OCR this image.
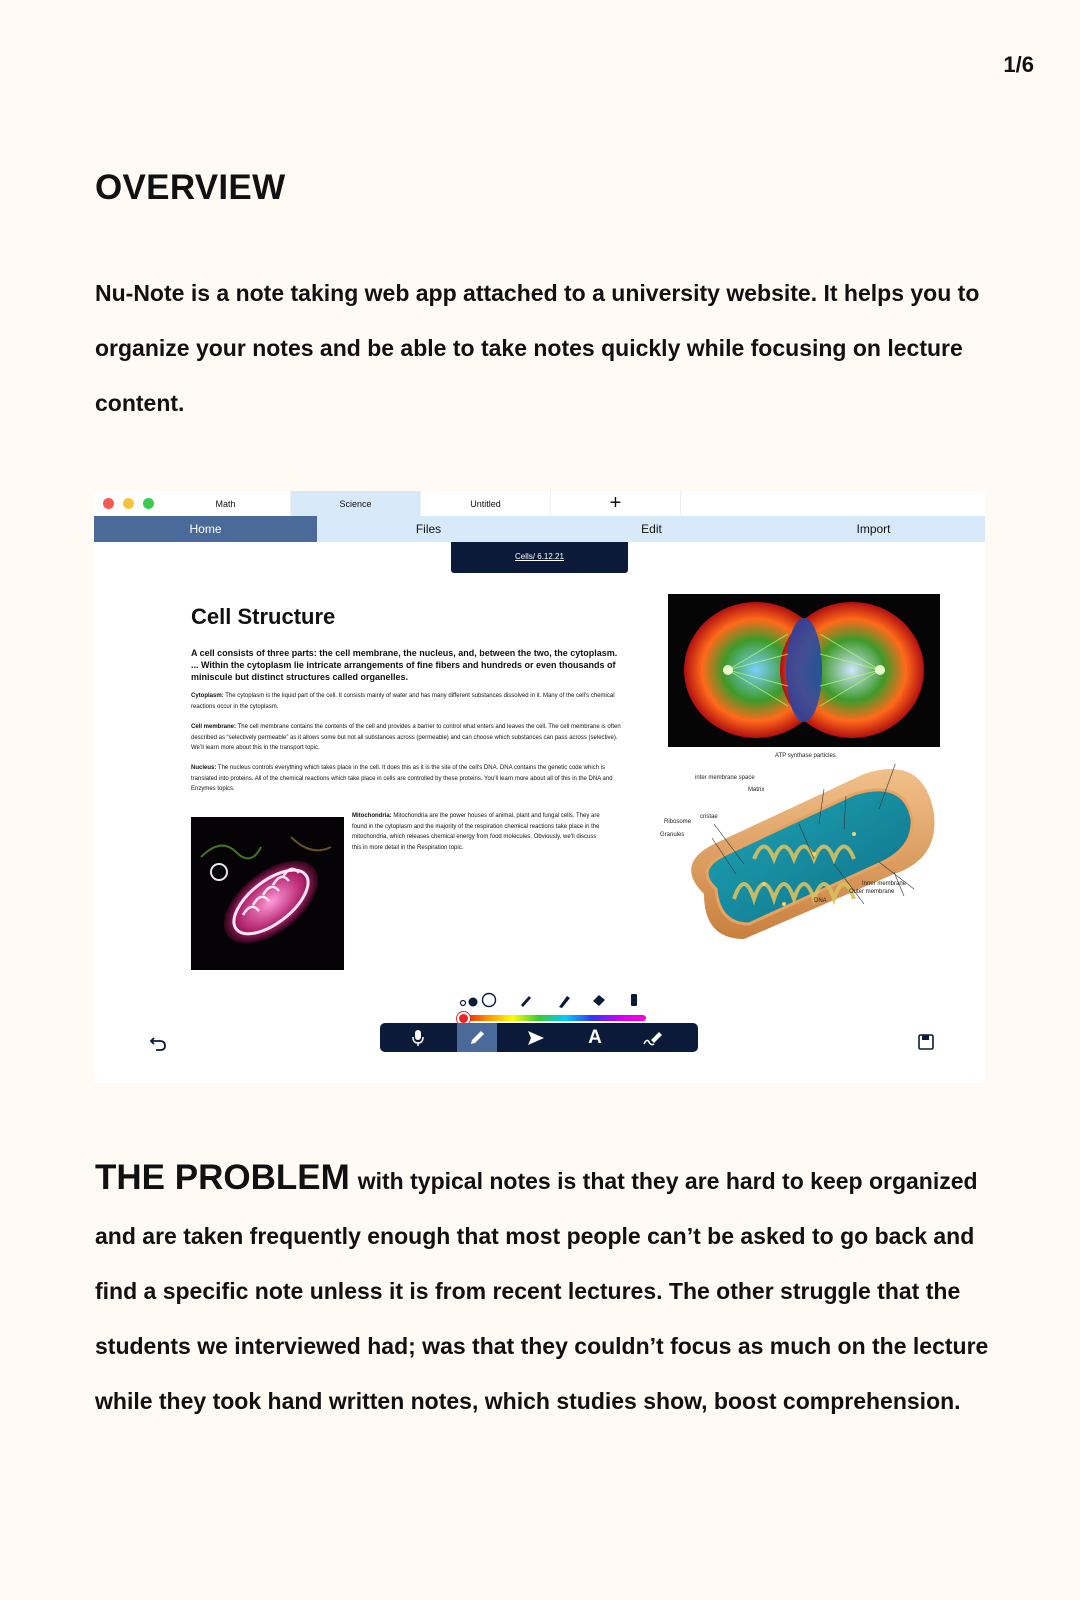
1/6
OVERVIEW
Nu-Note is a note taking web app attached to a university website. It helps you to organize your notes and be able to take notes quickly while focusing on lecture content.
Math	Science	Untitled	+
Home	Files	Edit	Import
Cells/ 6.12.21
Cell Structure
A cell consists of three parts: the cell membrane, the nucleus, and, between the two, the cytoplasm. ... Within the cytoplasm lie intricate arrangements of fine fibers and hundreds or even thousands of miniscule but distinct structures called organelles.
Cytoplasm: The cytoplasm is the liquid part of the cell. It consists mainly of water and has many different substances dissolved in it. Many of the cell’s chemical reactions occur in the cytoplasm.
Cell membrane: The cell membrane contains the contents of the cell and provides a barrier to control what enters and leaves the cell. The cell membrane is often described as “selectively permeable” as it allows some but not all substances across (permeable) and can choose which substances can pass across (selective). We’ll learn more about this in the transport topic.
Nucleus: The nucleus controls everything which takes place in the cell. It does this as it is the site of the cell’s DNA. DNA contains the genetic code which is translated into proteins. All of the chemical reactions which take place in cells are controlled by these proteins. You’ll learn more about all of this in the DNA and Enzymes topics.
Mitochondria: Mitochondria are the power houses of animal, plant and fungal cells. They are found in the cytoplasm and the majority of the respiration chemical reactions take place in the mitochondria, which releases chemical energy from food molecules. Obviously, we’ll discuss this in more detail in the Respiration topic.
ATP synthase particles
inter membrane space
Matrix
cristae
Ribosome
Granules
Inner membrane
Outer membrane
DNA
A
THE PROBLEM with typical notes is that they are hard to keep organized and are taken frequently enough that most people can’t be asked to go back and find a specific note unless it is from recent lectures. The other struggle that the students we interviewed had; was that they couldn’t focus as much on the lecture while they took hand written notes, which studies show, boost comprehension.
